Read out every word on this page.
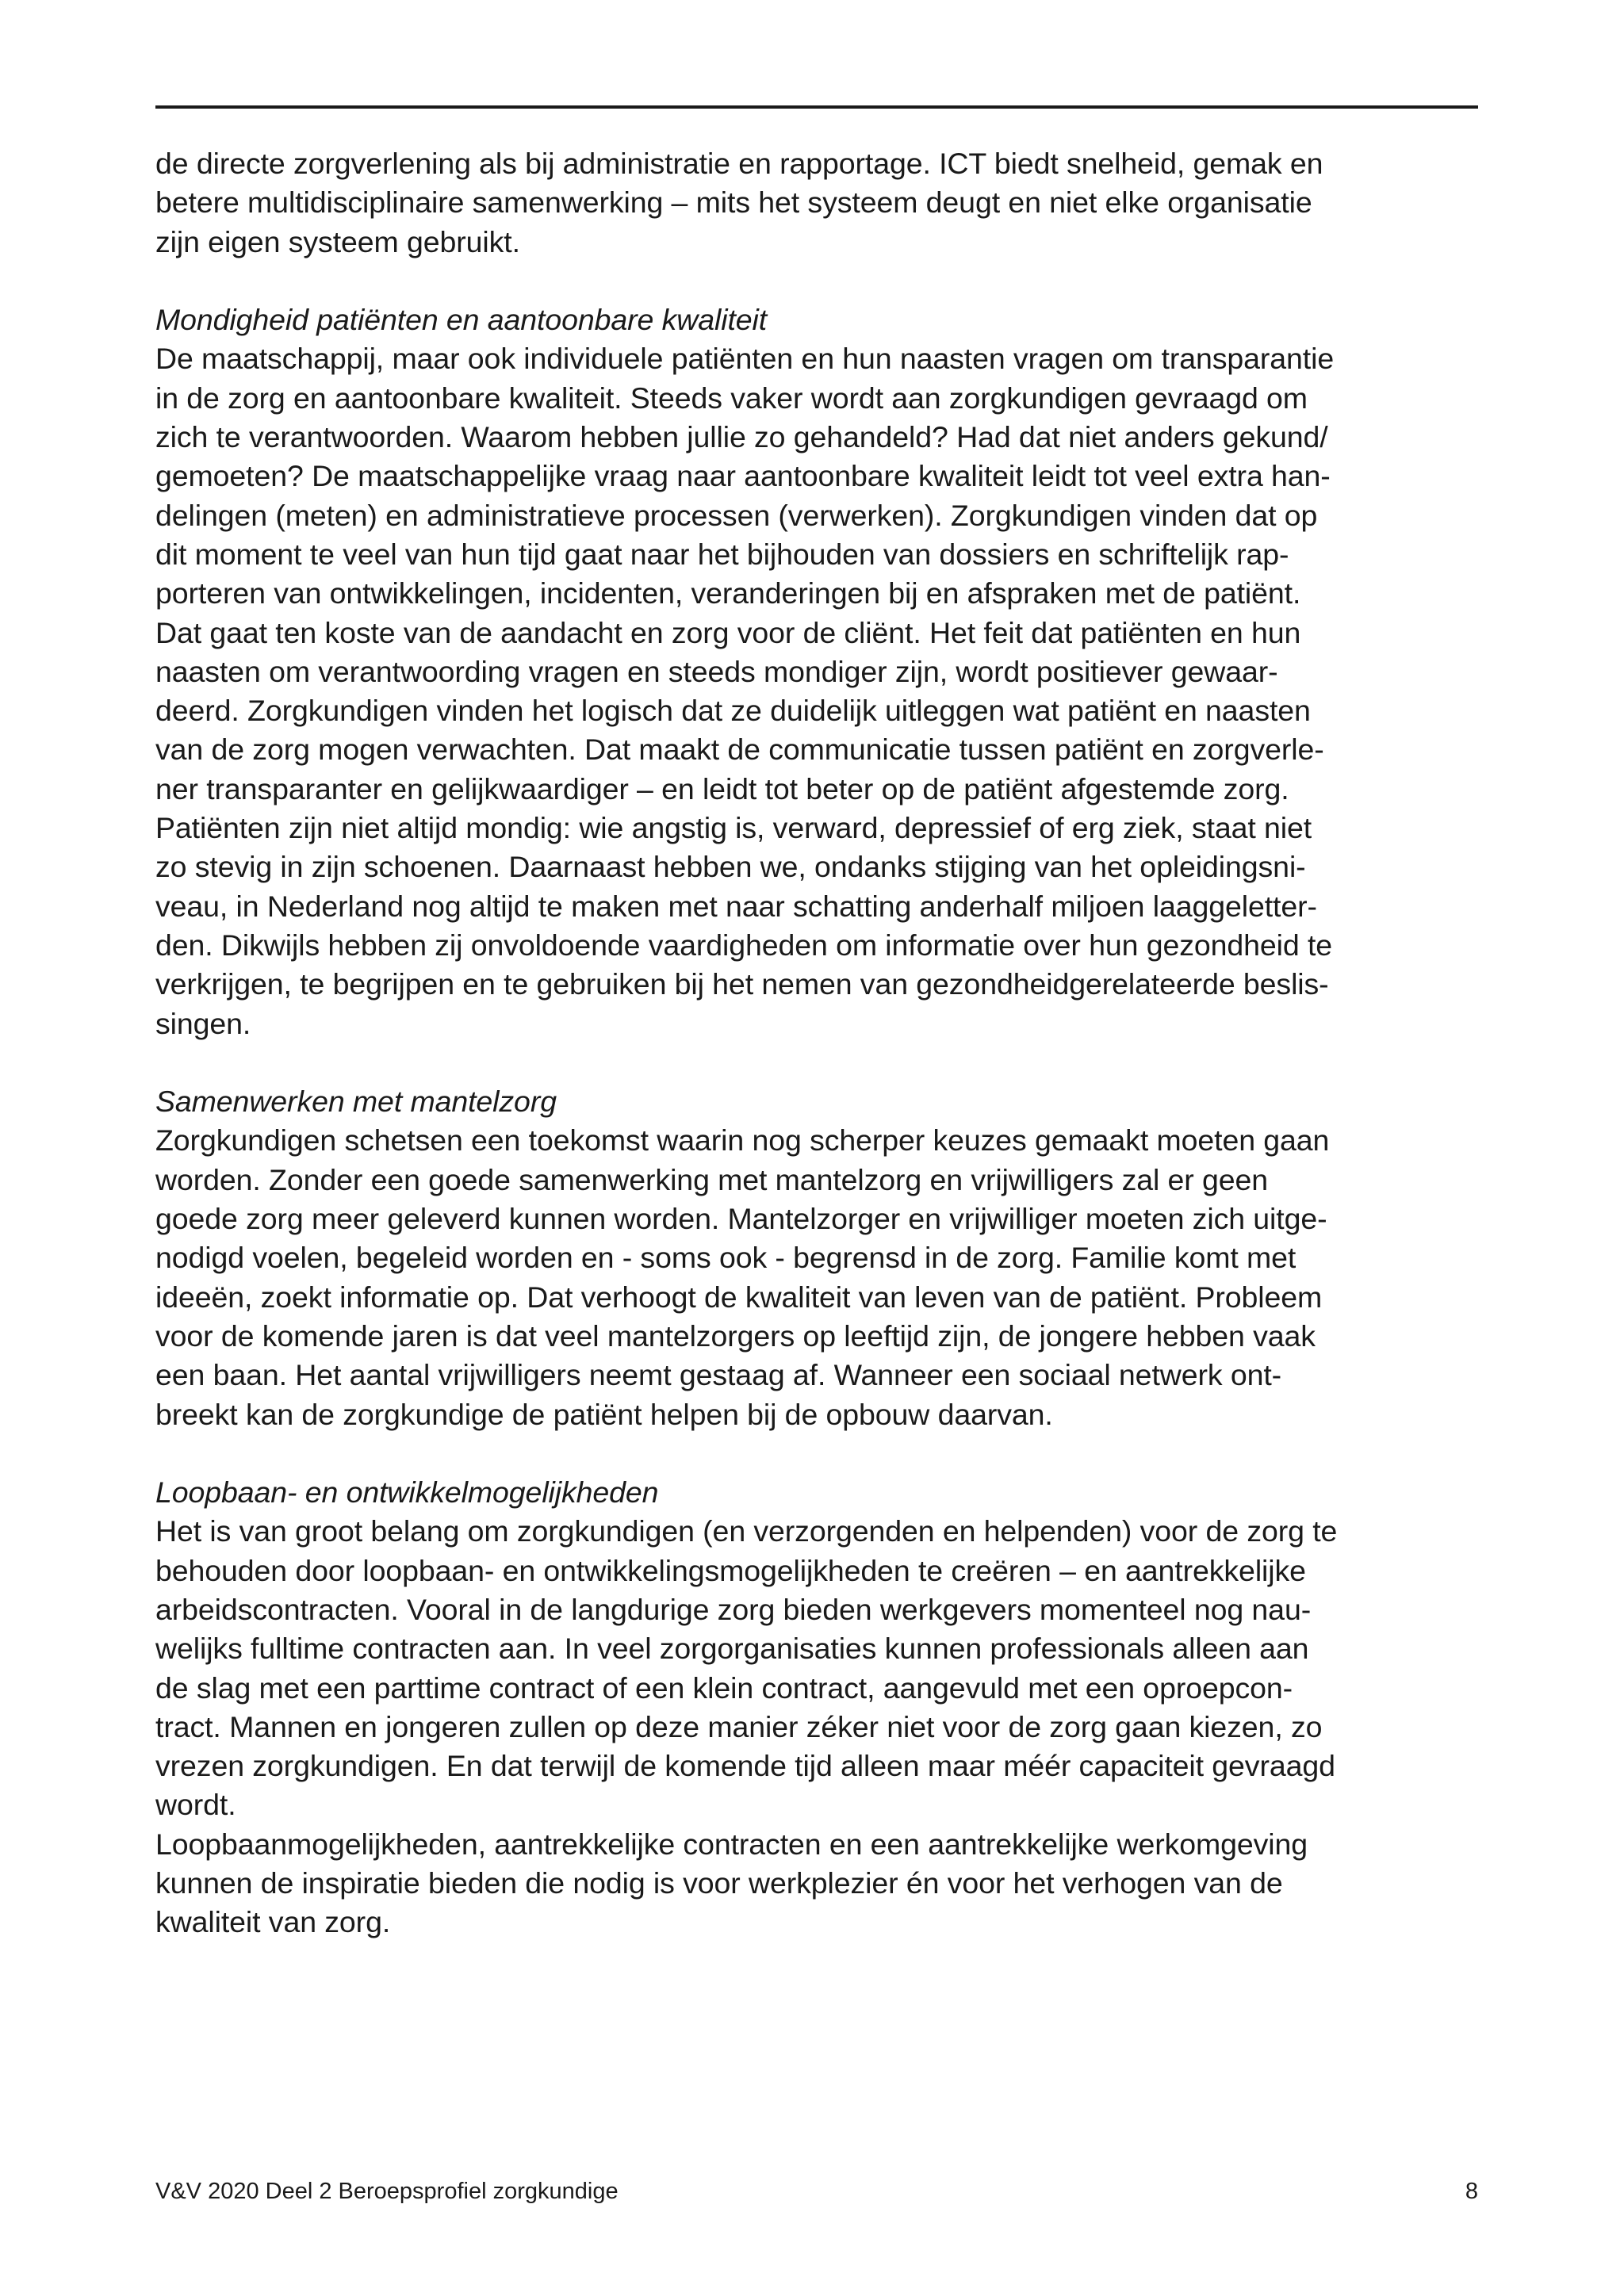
de directe zorgverlening als bij administratie en rapportage. ICT biedt snelheid, gemak en

betere multidisciplinaire samenwerking – mits het systeem deugt en niet elke organisatie

zijn eigen systeem gebruikt.

Mondigheid patiënten en aantoonbare kwaliteit

De maatschappij, maar ook individuele patiënten en hun naasten vragen om transparantie

in de zorg en aantoonbare kwaliteit. Steeds vaker wordt aan zorgkundigen gevraagd om

zich te verantwoorden. Waarom hebben jullie zo gehandeld? Had dat niet anders gekund/

gemoeten? De maatschappelijke vraag naar aantoonbare kwaliteit leidt tot veel extra han-

delingen (meten) en administratieve processen (verwerken). Zorgkundigen vinden dat op

dit moment te veel van hun tijd gaat naar het bijhouden van dossiers en schriftelijk rap-

porteren van ontwikkelingen, incidenten, veranderingen bij en afspraken met de patiënt.

Dat gaat ten koste van de aandacht en zorg voor de cliënt. Het feit dat patiënten en hun

naasten om verantwoording vragen en steeds mondiger zijn, wordt positiever gewaar-

deerd. Zorgkundigen vinden het logisch dat ze duidelijk uitleggen wat patiënt en naasten

van de zorg mogen verwachten. Dat maakt de communicatie tussen patiënt en zorgverle-

ner transparanter en gelijkwaardiger – en leidt tot beter op de patiënt afgestemde zorg.

Patiënten zijn niet altijd mondig: wie angstig is, verward, depressief of erg ziek, staat niet

zo stevig in zijn schoenen. Daarnaast hebben we, ondanks stijging van het opleidingsni-

veau, in Nederland nog altijd te maken met naar schatting anderhalf miljoen laaggeletter-

den. Dikwijls hebben zij onvoldoende vaardigheden om informatie over hun gezondheid te

verkrijgen, te begrijpen en te gebruiken bij het nemen van gezondheidgerelateerde beslis-

singen.

Samenwerken met mantelzorg

Zorgkundigen schetsen een toekomst waarin nog scherper keuzes gemaakt moeten gaan

worden. Zonder een goede samenwerking met mantelzorg en vrijwilligers zal er geen

goede zorg meer geleverd kunnen worden. Mantelzorger en vrijwilliger moeten zich uitge-

nodigd voelen, begeleid worden en - soms ook - begrensd in de zorg. Familie komt met

ideeën, zoekt informatie op. Dat verhoogt de kwaliteit van leven van de patiënt. Probleem

voor de komende jaren is dat veel mantelzorgers op leeftijd zijn, de jongere hebben vaak

een baan. Het aantal vrijwilligers neemt gestaag af. Wanneer een sociaal netwerk ont-

breekt kan de zorgkundige de patiënt helpen bij de opbouw daarvan.

Loopbaan- en ontwikkelmogelijkheden

Het is van groot belang om zorgkundigen (en verzorgenden en helpenden) voor de zorg te

behouden door loopbaan- en ontwikkelingsmogelijkheden te creëren – en aantrekkelijke

arbeidscontracten. Vooral in de langdurige zorg bieden werkgevers momenteel nog nau-

welijks fulltime contracten aan. In veel zorgorganisaties kunnen professionals alleen aan

de slag met een parttime contract of een klein contract, aangevuld met een oproepcon-

tract. Mannen en jongeren zullen op deze manier zéker niet voor de zorg gaan kiezen, zo

vrezen zorgkundigen. En dat terwijl de komende tijd alleen maar méér capaciteit gevraagd

wordt.

Loopbaanmogelijkheden, aantrekkelijke contracten en een aantrekkelijke werkomgeving

kunnen de inspiratie bieden die nodig is voor werkplezier én voor het verhogen van de

kwaliteit van zorg.

V&V 2020 Deel 2 Beroepsprofiel zorgkundige	8
